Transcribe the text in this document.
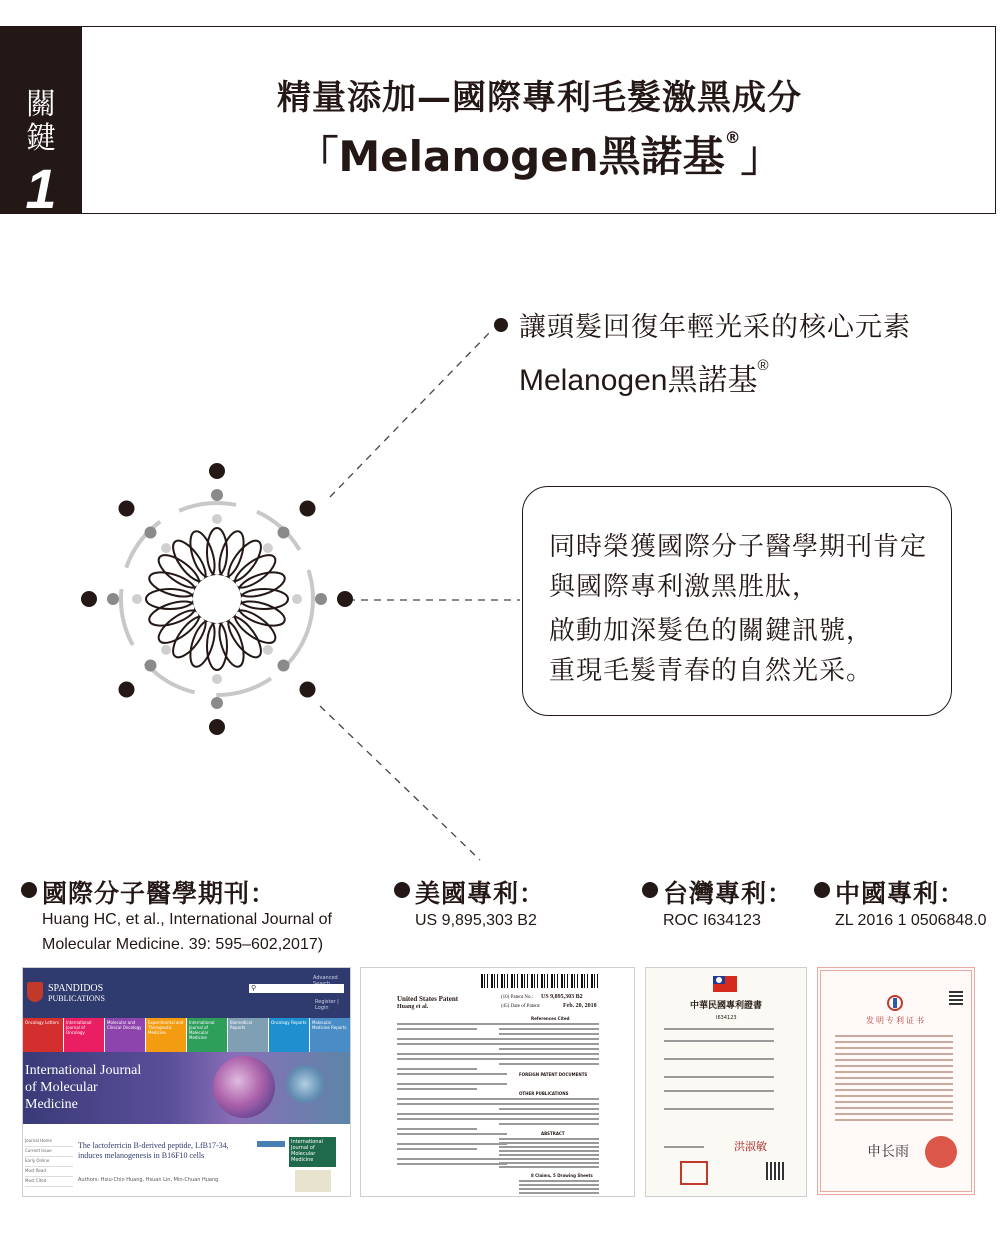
關
鍵
1
精量添加—國際專利毛髮激黑成分
「Melanogen黑諾基®」
讓頭髮回復年輕光采的核心元素
Melanogen黑諾基®
同時榮獲國際分子醫學期刊肯定
與國際專利激黑胜肽，
啟動加深髮色的關鍵訊號，
重現毛髮青春的自然光采。
國際分子醫學期刊：
Huang HC, et al., International Journal of
Molecular Medicine. 39: 595–602,2017)
美國專利：
US 9,895,303 B2
台灣專利：
ROC I634123
中國專利：
ZL 2016 1 0506848.0
SPANDIDOS
PUBLICATIONS
Advanced
⚲
Register | Login
Oncology Letters	International Journal of Oncology
Molecular and Clinical Oncology
Experimental and Therapeutic Medicine
International Journal of Molecular Medicine
Biomedical Reports
Oncology Reports	Molecular Medicine Reports
International Journal
of Molecular
Medicine
Journal Home
Current Issue
Early Online
Most Read
Most Cited
The lactoferricin B-derived peptide, LfB17-34,
induces melanogenesis in B16F10 cells
Authors: Hsiu-Chin Huang, Hsuan Lin, Min-Chuan Huang
International
Journal of
Molecular
Medicine
United States Patent
Huang et al.
(10) Patent No.: US 9,895,303 B2
(45) Date of Patent:	Feb. 20, 2018
References Cited
FOREIGN PATENT DOCUMENTS
OTHER PUBLICATIONS
ABSTRACT
8 Claims, 5 Drawing Sheets
中華民國專利證書
I634123
洪淑敏
发明专利证书
申长雨
